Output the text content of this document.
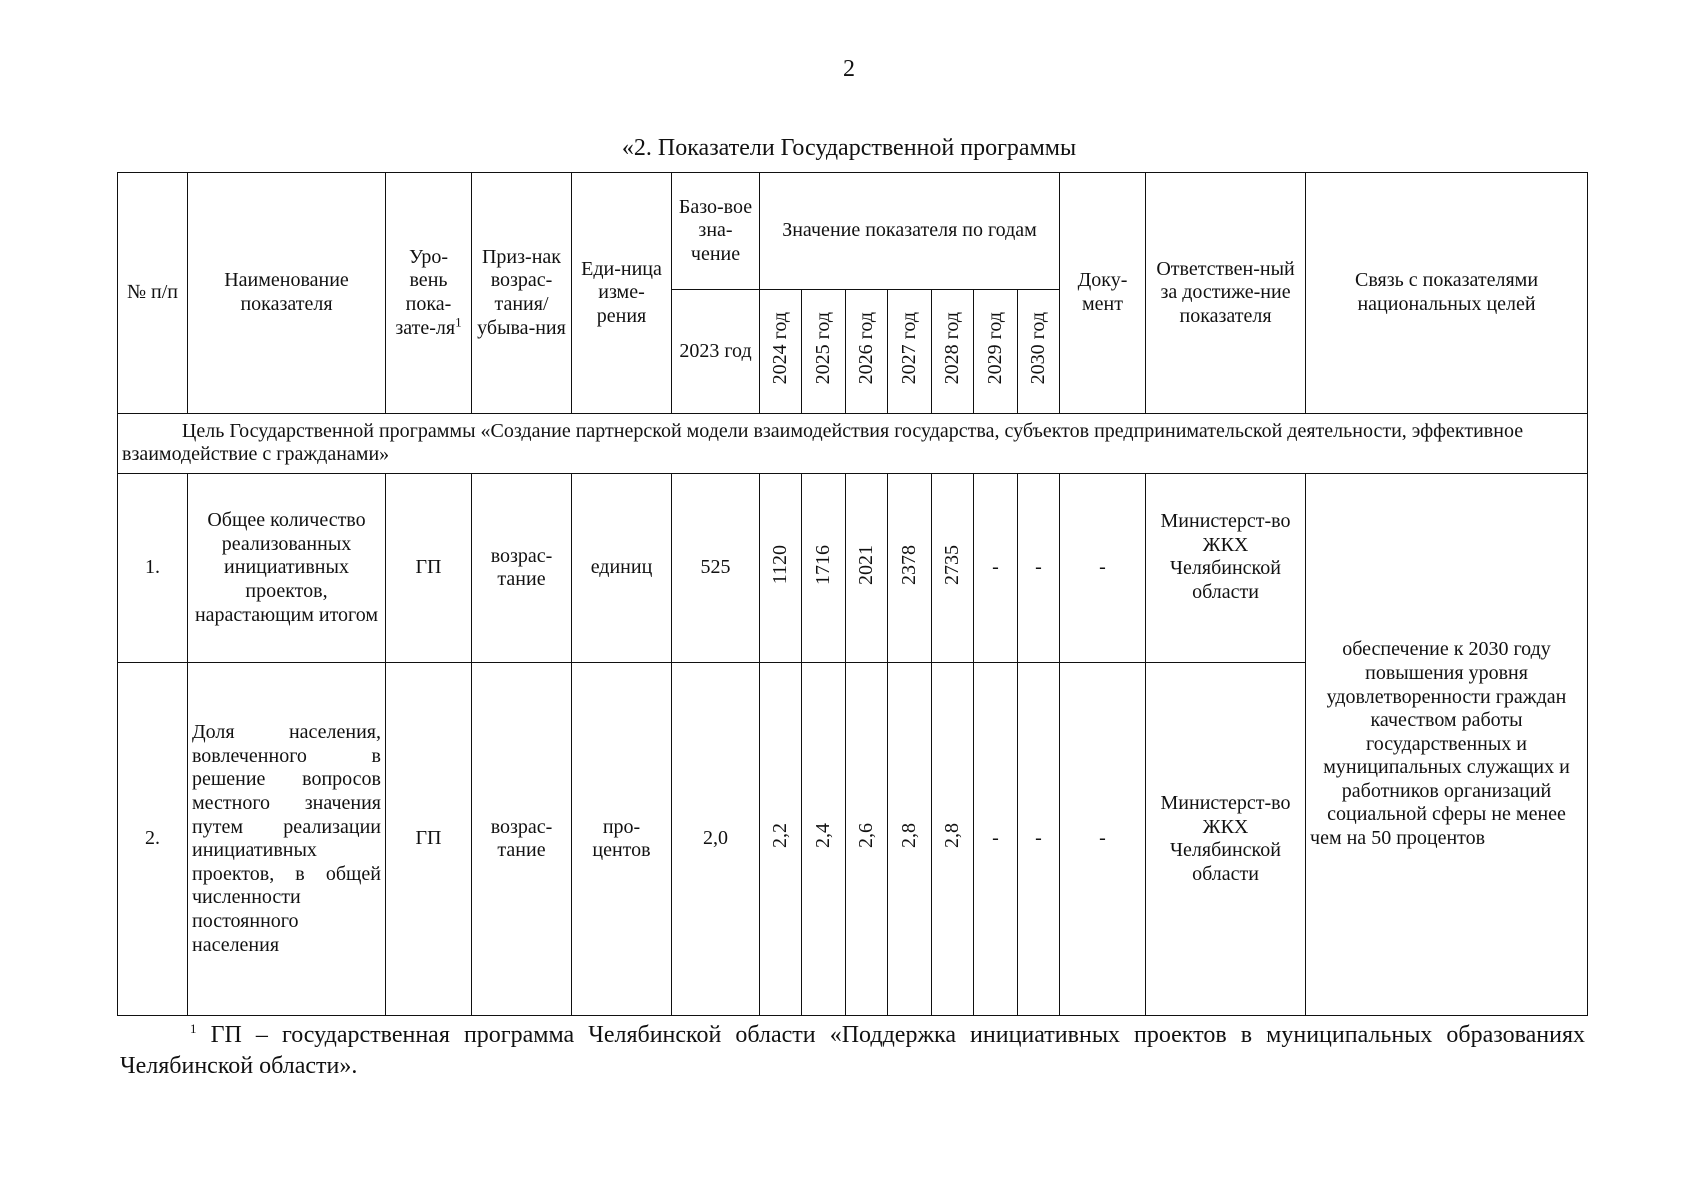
2
«2. Показатели Государственной программы
№ п/п	Наименование показателя	Уро-вень пока-$зате-ля^1$	Приз-нак возрас-тания/ убыва-ния	Еди-ница изме-рения	Базо-вое зна-чение	Значение показателя по годам							Доку-мент	Ответствен-ный за достиже-ние показателя	Связь с показателями национальных целей
					2023 год	2024 год	2025 год	2026 год	2027 год	2028 год	2029 год	2030 год			
Цель Государственной программы «Создание партнерской модели взаимодействия государства, субъектов предпринимательской деятельности, эффективное взаимодействие с гражданами»															
1.	Общее количество реализованных инициативных проектов, нарастающим итогом	ГП	возрас-тание	единиц	525	1120	1716	2021	2378	2735	-	-	-	Министерст-во ЖКХ Челябинской области	обеспечение к 2030 году повышения уровня удовлетворенности граждан качеством работы государственных и муниципальных служащих и работников организаций социальной сферы не менее чем на 50 процентов
2.	Доля населения, вовлеченного в решение вопросов местного значения путем реализации инициативных проектов, в общей численности постоянного населения	ГП	возрас-тание	про-центов	2,0	2,2	2,4	2,6	2,8	2,8	-	-	-	Министерст-во ЖКХ Челябинской области	
$^1$ ГП – государственная программа Челябинской области «Поддержка инициативных проектов в муниципальных образованиях Челябинской области».
